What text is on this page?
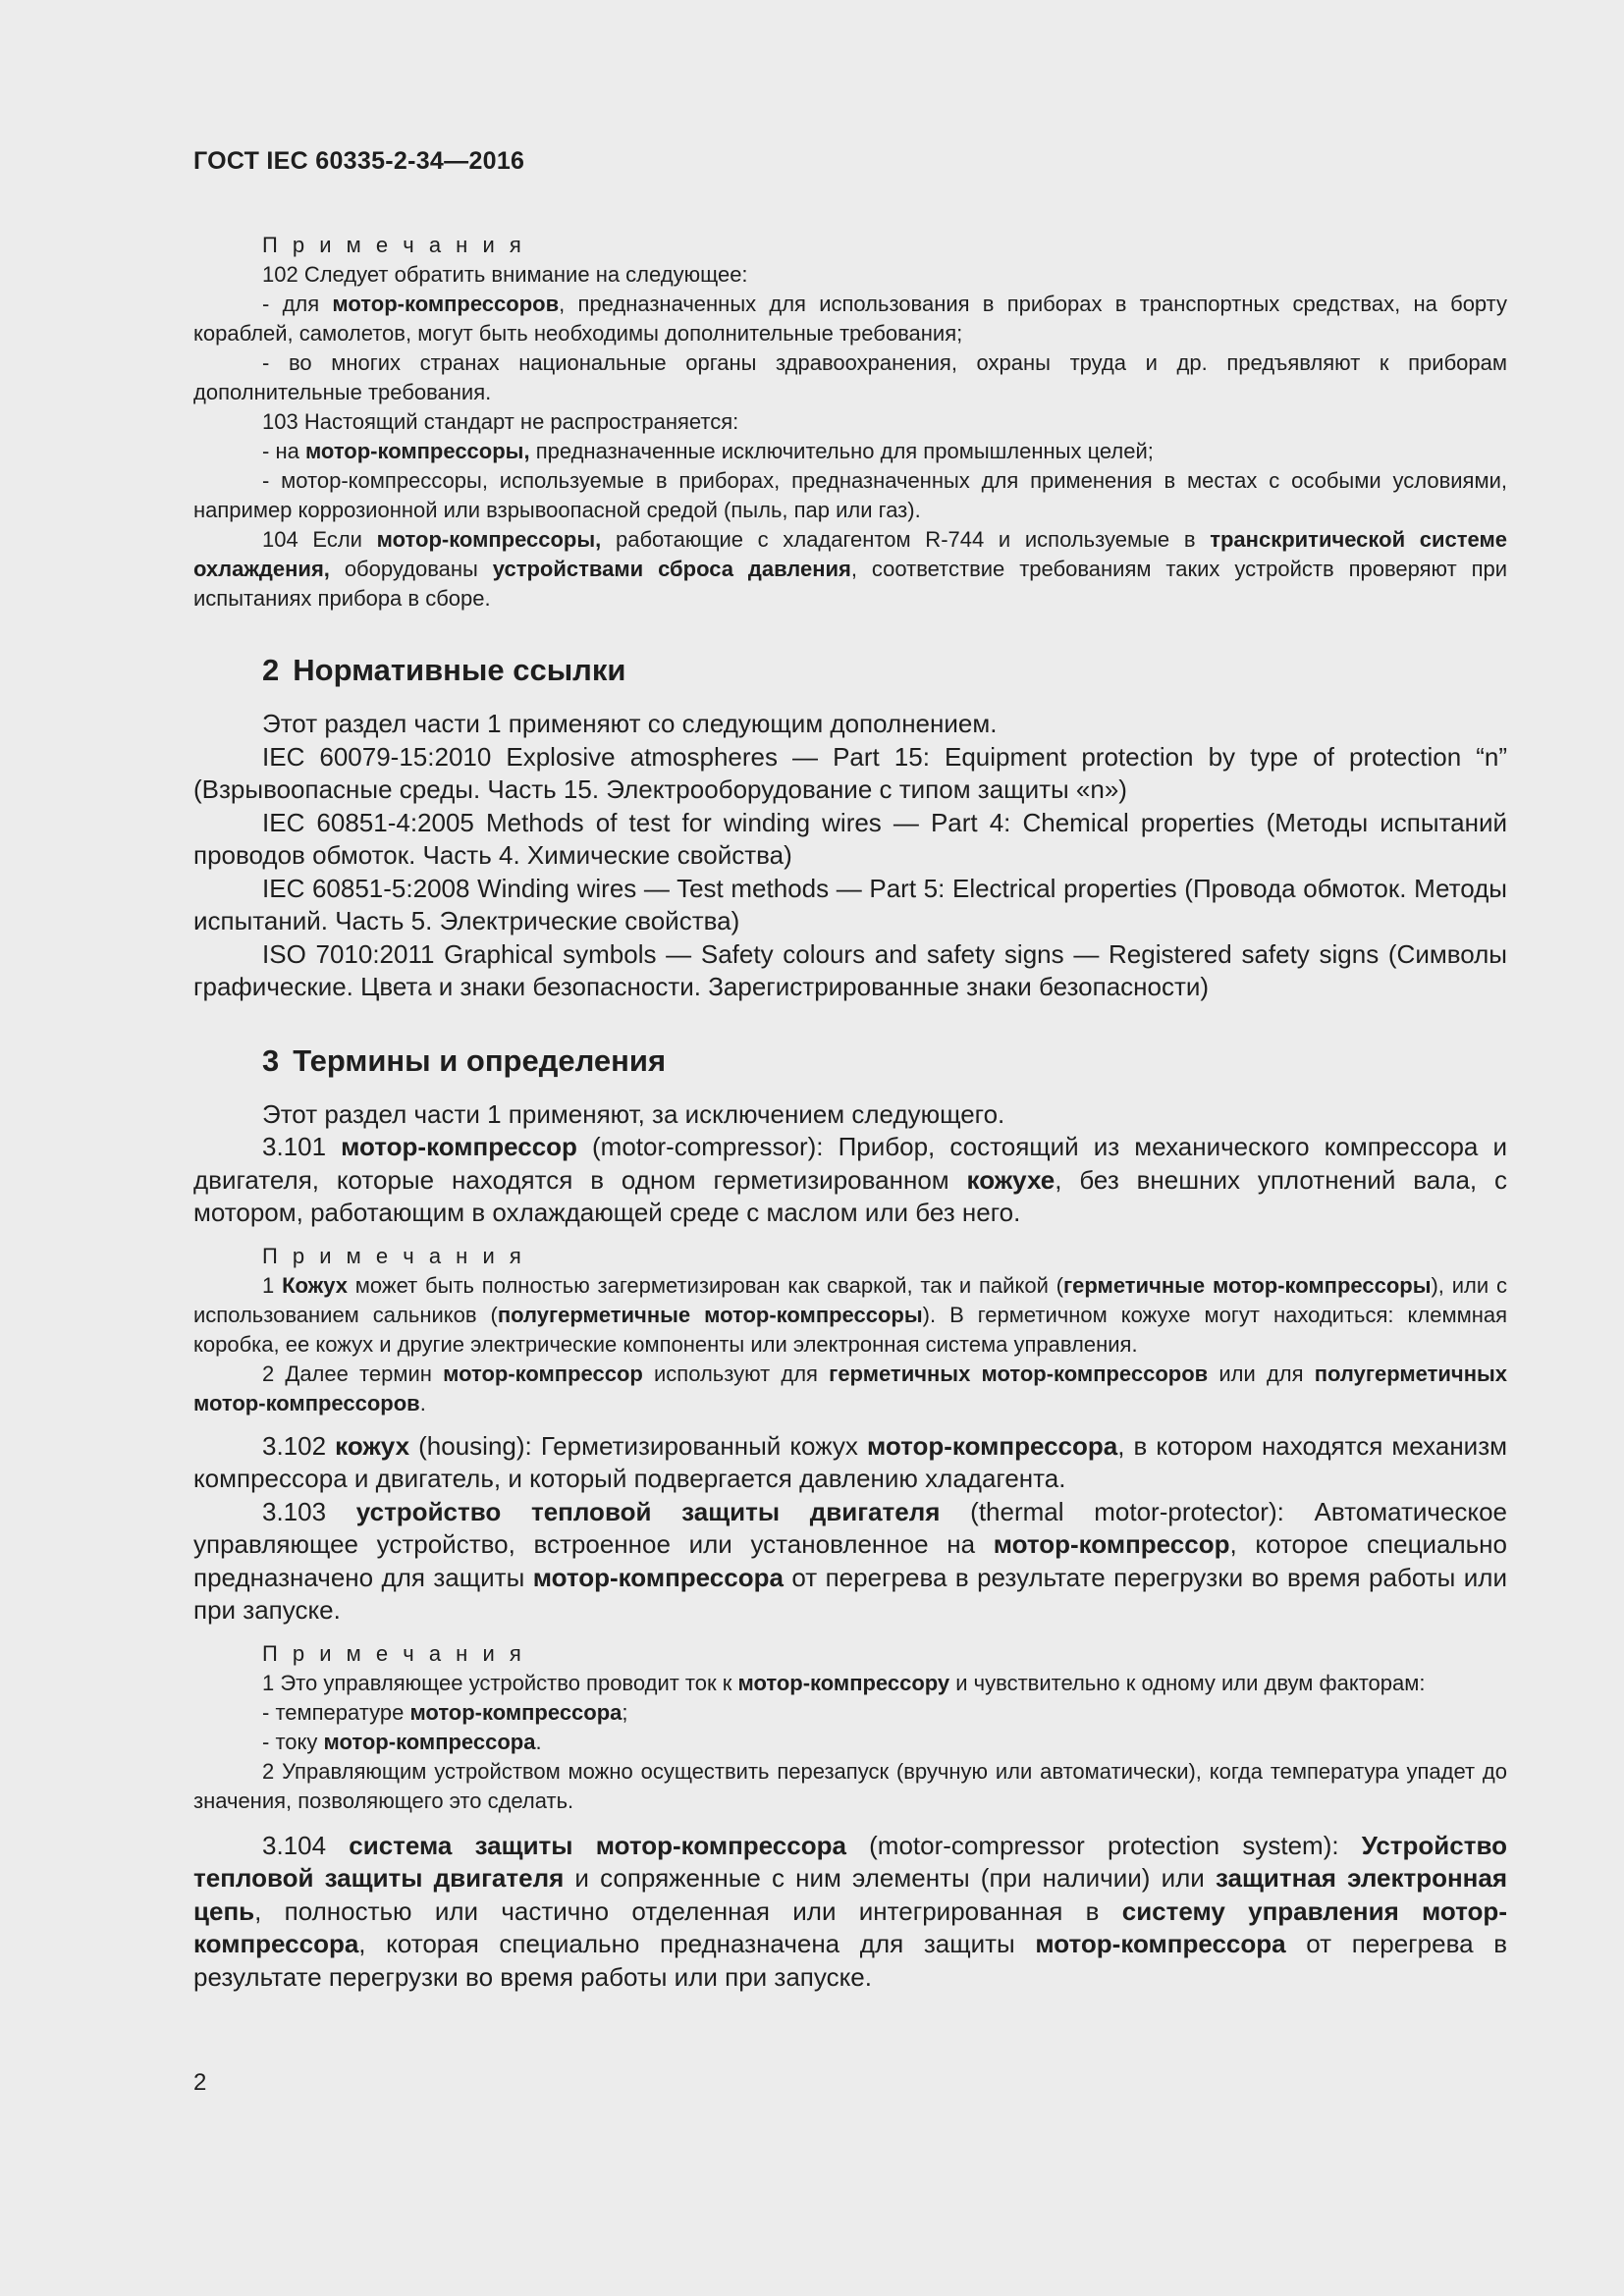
ГОСТ IEC 60335-2-34—2016

П р и м е ч а н и я

102 Следует обратить внимание на следующее:

- для мотор-компрессоров, предназначенных для использования в приборах в транспортных средствах, на борту кораблей, самолетов, могут быть необходимы дополнительные требования;

- во многих странах национальные органы здравоохранения, охраны труда и др. предъявляют к приборам дополнительные требования.

103 Настоящий стандарт не распространяется:

- на мотор-компрессоры, предназначенные исключительно для промышленных целей;

- мотор-компрессоры, используемые в приборах, предназначенных для применения в местах с особыми условиями, например коррозионной или взрывоопасной средой (пыль, пар или газ).

104 Если мотор-компрессоры, работающие с хладагентом R-744 и используемые в транскритической системе охлаждения, оборудованы устройствами сброса давления, соответствие требованиям таких устройств проверяют при испытаниях прибора в сборе.

2 Нормативные ссылки

Этот раздел части 1 применяют со следующим дополнением.

IEC 60079-15:2010 Explosive atmospheres — Part 15: Equipment protection by type of protection “n” (Взрывоопасные среды. Часть 15. Электрооборудование с типом защиты «n»)

IEC 60851-4:2005 Methods of test for winding wires — Part 4: Chemical properties (Методы испытаний проводов обмоток. Часть 4. Химические свойства)

IEC 60851-5:2008 Winding wires — Test methods — Part 5: Electrical properties (Провода обмоток. Методы испытаний. Часть 5. Электрические свойства)

ISO 7010:2011 Graphical symbols — Safety colours and safety signs — Registered safety signs (Символы графические. Цвета и знаки безопасности. Зарегистрированные знаки безопасности)

3 Термины и определения

Этот раздел части 1 применяют, за исключением следующего.

3.101 мотор-компрессор (motor-compressor): Прибор, состоящий из механического компрессора и двигателя, которые находятся в одном герметизированном кожухе, без внешних уплотнений вала, с мотором, работающим в охлаждающей среде с маслом или без него.

П р и м е ч а н и я

1 Кожух может быть полностью загерметизирован как сваркой, так и пайкой (герметичные мотор-компрессоры), или с использованием сальников (полугерметичные мотор-компрессоры). В герметичном кожухе могут находиться: клеммная коробка, ее кожух и другие электрические компоненты или электронная система управления.

2 Далее термин мотор-компрессор используют для герметичных мотор-компрессоров или для полугерметичных мотор-компрессоров.

3.102 кожух (housing): Герметизированный кожух мотор-компрессора, в котором находятся механизм компрессора и двигатель, и который подвергается давлению хладагента.

3.103 устройство тепловой защиты двигателя (thermal motor-protector): Автоматическое управляющее устройство, встроенное или установленное на мотор-компрессор, которое специально предназначено для защиты мотор-компрессора от перегрева в результате перегрузки во время работы или при запуске.

П р и м е ч а н и я

1 Это управляющее устройство проводит ток к мотор-компрессору и чувствительно к одному или двум факторам:

- температуре мотор-компрессора;

- току мотор-компрессора.

2 Управляющим устройством можно осуществить перезапуск (вручную или автоматически), когда температура упадет до значения, позволяющего это сделать.

3.104 система защиты мотор-компрессора (motor-compressor protection system): Устройство тепловой защиты двигателя и сопряженные с ним элементы (при наличии) или защитная электронная цепь, полностью или частично отделенная или интегрированная в систему управления мотор-компрессора, которая специально предназначена для защиты мотор-компрессора от перегрева в результате перегрузки во время работы или при запуске.

2
